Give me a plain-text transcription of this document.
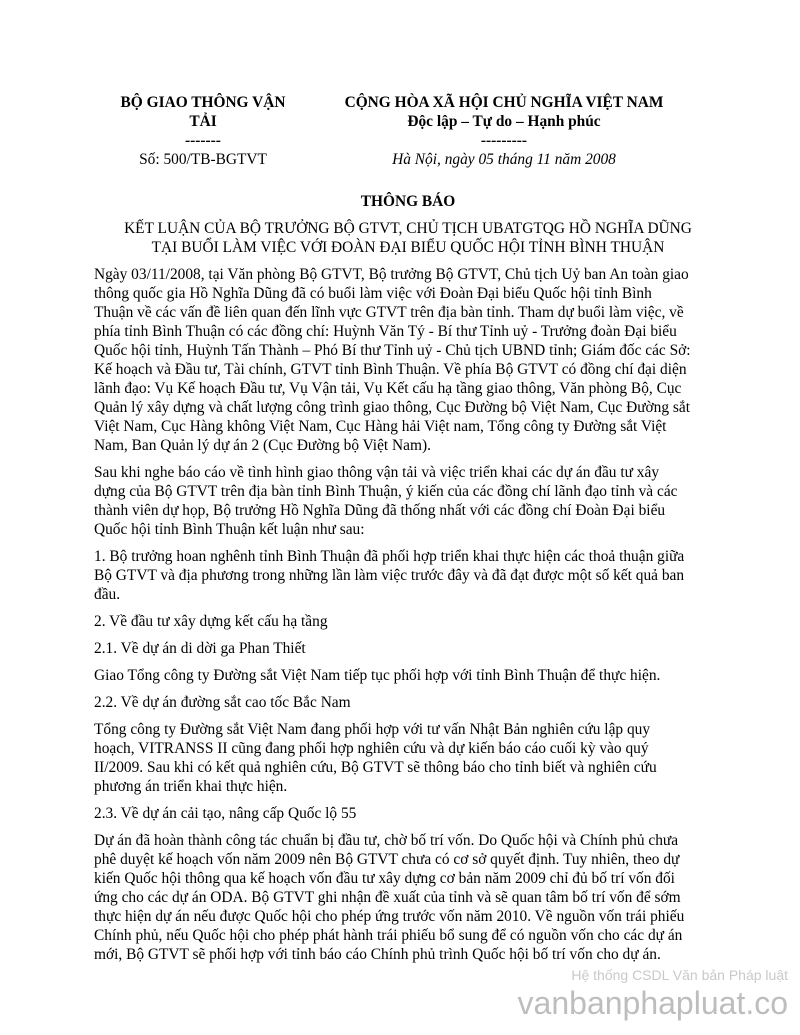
BỘ GIAO THÔNG VẬN
TẢI
-------
Số: 500/TB-BGTVT
CỘNG HÒA XÃ HỘI CHỦ NGHĨA VIỆT NAM
Độc lập – Tự do – Hạnh phúc
---------
Hà Nội, ngày 05 tháng 11 năm 2008
THÔNG BÁO
KẾT LUẬN CỦA BỘ TRƯỞNG BỘ GTVT, CHỦ TỊCH UBATGTQG HỒ NGHĨA DŨNG
TẠI BUỔI LÀM VIỆC VỚI ĐOÀN ĐẠI BIỂU QUỐC HỘI TỈNH BÌNH THUẬN

Ngày 03/11/2008, tại Văn phòng Bộ GTVT, Bộ trưởng Bộ GTVT, Chủ tịch Uỷ ban An toàn giao thông quốc gia Hồ Nghĩa Dũng đã có buổi làm việc với Đoàn Đại biểu Quốc hội tỉnh Bình Thuận về các vấn đề liên quan đến lĩnh vực GTVT trên địa bàn tỉnh. Tham dự buổi làm việc, về phía tỉnh Bình Thuận có các đồng chí: Huỳnh Văn Tý - Bí thư Tỉnh uỷ - Trưởng đoàn Đại biểu Quốc hội tỉnh, Huỳnh Tấn Thành – Phó Bí thư Tỉnh uỷ - Chủ tịch UBND tỉnh; Giám đốc các Sở: Kế hoạch và Đầu tư, Tài chính, GTVT tỉnh Bình Thuận. Về phía Bộ GTVT có đồng chí đại diện lãnh đạo: Vụ Kế hoạch Đầu tư, Vụ Vận tải, Vụ Kết cấu hạ tầng giao thông, Văn phòng Bộ, Cục Quản lý xây dựng và chất lượng công trình giao thông, Cục Đường bộ Việt Nam, Cục Đường sắt Việt Nam, Cục Hàng không Việt Nam, Cục Hàng hải Việt nam, Tổng công ty Đường sắt Việt Nam, Ban Quản lý dự án 2 (Cục Đường bộ Việt Nam).

Sau khi nghe báo cáo về tình hình giao thông vận tải và việc triển khai các dự án đầu tư xây dựng của Bộ GTVT trên địa bàn tỉnh Bình Thuận, ý kiến của các đồng chí lãnh đạo tỉnh và các thành viên dự họp, Bộ trưởng Hồ Nghĩa Dũng đã thống nhất với các đồng chí Đoàn Đại biểu Quốc hội tỉnh Bình Thuận kết luận như sau:

1. Bộ trưởng hoan nghênh tỉnh Bình Thuận đã phối hợp triển khai thực hiện các thoả thuận giữa Bộ GTVT và địa phương trong những lần làm việc trước đây và đã đạt được một số kết quả ban đầu.

2. Về đầu tư xây dựng kết cấu hạ tầng

2.1. Về dự án di dời ga Phan Thiết

Giao Tổng công ty Đường sắt Việt Nam tiếp tục phối hợp với tỉnh Bình Thuận để thực hiện.

2.2. Về dự án đường sắt cao tốc Bắc Nam

Tổng công ty Đường sắt Việt Nam đang phối hợp với tư vấn Nhật Bản nghiên cứu lập quy hoạch, VITRANSS II cũng đang phối hợp nghiên cứu và dự kiến báo cáo cuối kỳ vào quý II/2009. Sau khi có kết quả nghiên cứu, Bộ GTVT sẽ thông báo cho tỉnh biết và nghiên cứu phương án triển khai thực hiện.

2.3. Về dự án cải tạo, nâng cấp Quốc lộ 55

Dự án đã hoàn thành công tác chuẩn bị đầu tư, chờ bố trí vốn. Do Quốc hội và Chính phủ chưa phê duyệt kế hoạch vốn năm 2009 nên Bộ GTVT chưa có cơ sở quyết định. Tuy nhiên, theo dự kiến Quốc hội thông qua kế hoạch vốn đầu tư xây dựng cơ bản năm 2009 chỉ đủ bố trí vốn đối ứng cho các dự án ODA. Bộ GTVT ghi nhận đề xuất của tỉnh và sẽ quan tâm bố trí vốn để sớm thực hiện dự án nếu được Quốc hội cho phép ứng trước vốn năm 2010. Về nguồn vốn trái phiếu Chính phủ, nếu Quốc hội cho phép phát hành trái phiếu bổ sung để có nguồn vốn cho các dự án mới, Bộ GTVT sẽ phối hợp với tỉnh báo cáo Chính phủ trình Quốc hội bố trí vốn cho dự án.

Hệ thống CSDL Văn bản Pháp luật
vanbanphapluat.co
